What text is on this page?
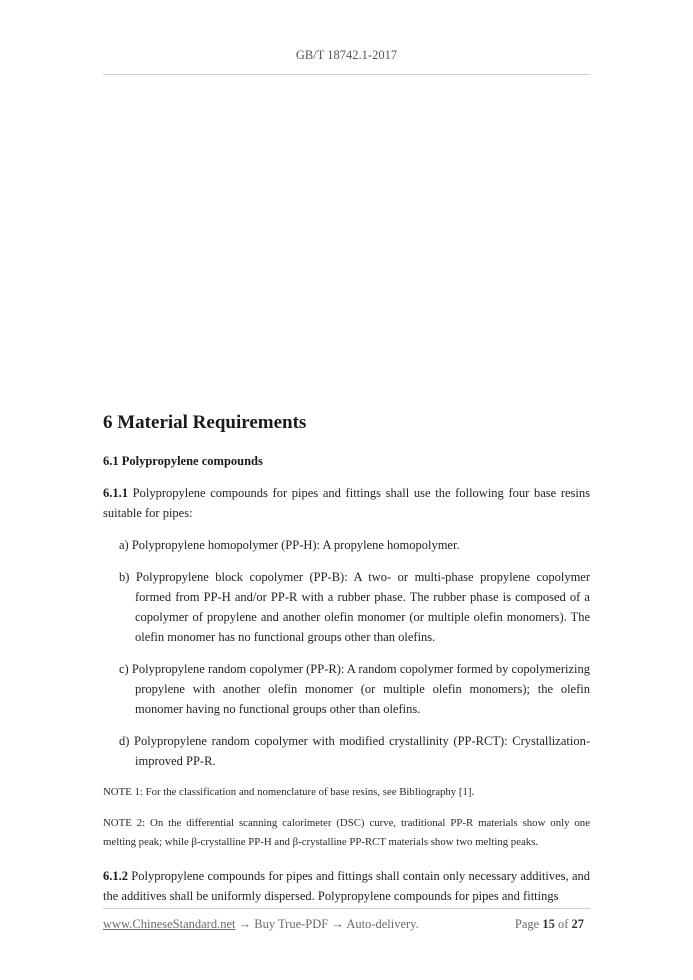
GB/T 18742.1-2017
6 Material Requirements
6.1 Polypropylene compounds

6.1.1 Polypropylene compounds for pipes and fittings shall use the following four base resins suitable for pipes:

a) Polypropylene homopolymer (PP-H): A propylene homopolymer.

b) Polypropylene block copolymer (PP-B): A two- or multi-phase propylene copolymer formed from PP-H and/or PP-R with a rubber phase. The rubber phase is composed of a copolymer of propylene and another olefin monomer (or multiple olefin monomers). The olefin monomer has no functional groups other than olefins.

c) Polypropylene random copolymer (PP-R): A random copolymer formed by copolymerizing propylene with another olefin monomer (or multiple olefin monomers); the olefin monomer having no functional groups other than olefins.

d) Polypropylene random copolymer with modified crystallinity (PP-RCT): Crystallization-improved PP-R.

NOTE 1: For the classification and nomenclature of base resins, see Bibliography [1].

NOTE 2: On the differential scanning calorimeter (DSC) curve, traditional PP-R materials show only one melting peak; while β-crystalline PP-H and β-crystalline PP-RCT materials show two melting peaks.

6.1.2 Polypropylene compounds for pipes and fittings shall contain only necessary additives, and the additives shall be uniformly dispersed. Polypropylene compounds for pipes and fittings

www.ChineseStandard.net → Buy True-PDF → Auto-delivery.	Page 15 of 27
